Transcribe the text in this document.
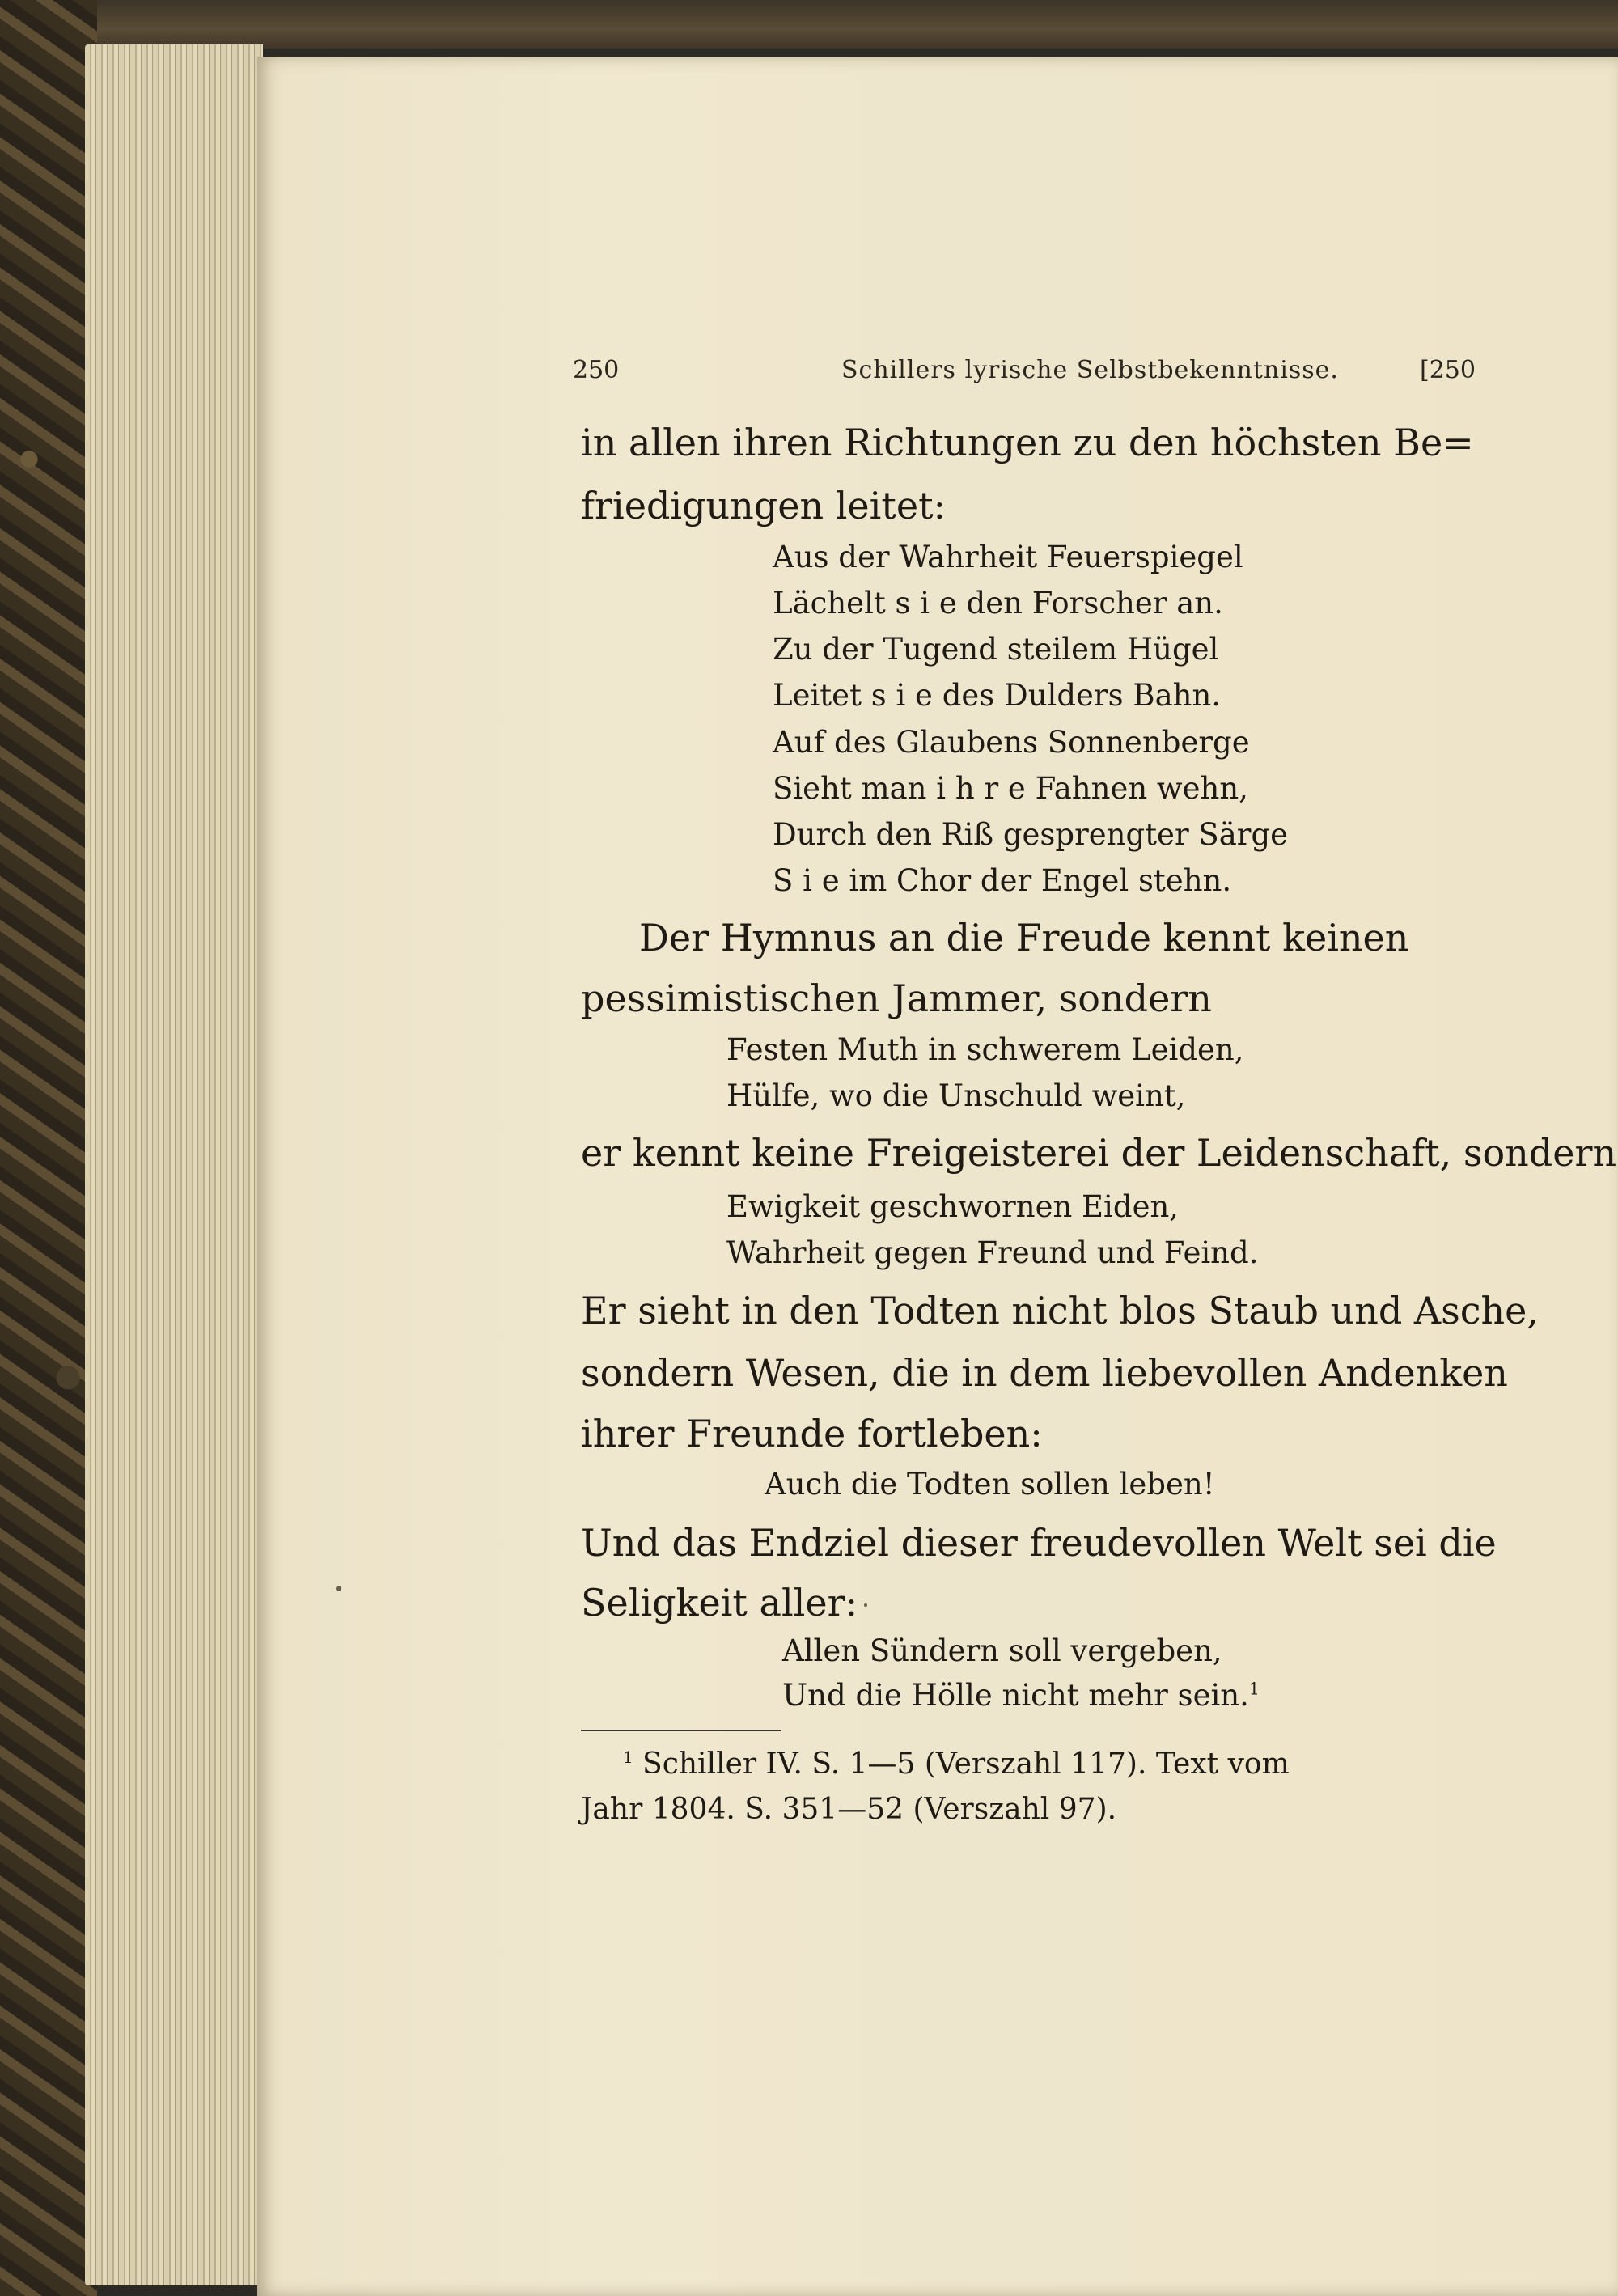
250	Schillers lyrische Selbstbekenntnisse.	[250
in allen ihren Richtungen zu den höchsten Be=
friedigungen leitet:
Aus der Wahrheit Feuerspiegel
Lächelt s i e den Forscher an.
Zu der Tugend steilem Hügel
Leitet s i e des Dulders Bahn.
Auf des Glaubens Sonnenberge
Sieht man i h r e Fahnen wehn,
Durch den Riß gesprengter Särge
S i e im Chor der Engel stehn.
Der Hymnus an die Freude kennt keinen
pessimistischen Jammer, sondern
Festen Muth in schwerem Leiden,
Hülfe, wo die Unschuld weint,
er kennt keine Freigeisterei der Leidenschaft, sondern
Ewigkeit geschwornen Eiden,
Wahrheit gegen Freund und Feind.
Er sieht in den Todten nicht blos Staub und Asche,
sondern Wesen, die in dem liebevollen Andenken
ihrer Freunde fortleben:
Auch die Todten sollen leben!
Und das Endziel dieser freudevollen Welt sei die
Seligkeit aller:
Allen Sündern soll vergeben,
Und die Hölle nicht mehr sein.$^1$
$^1$ Schiller IV. S. 1—5 (Verszahl 117). Text vom
Jahr 1804. S. 351—52 (Verszahl 97).
